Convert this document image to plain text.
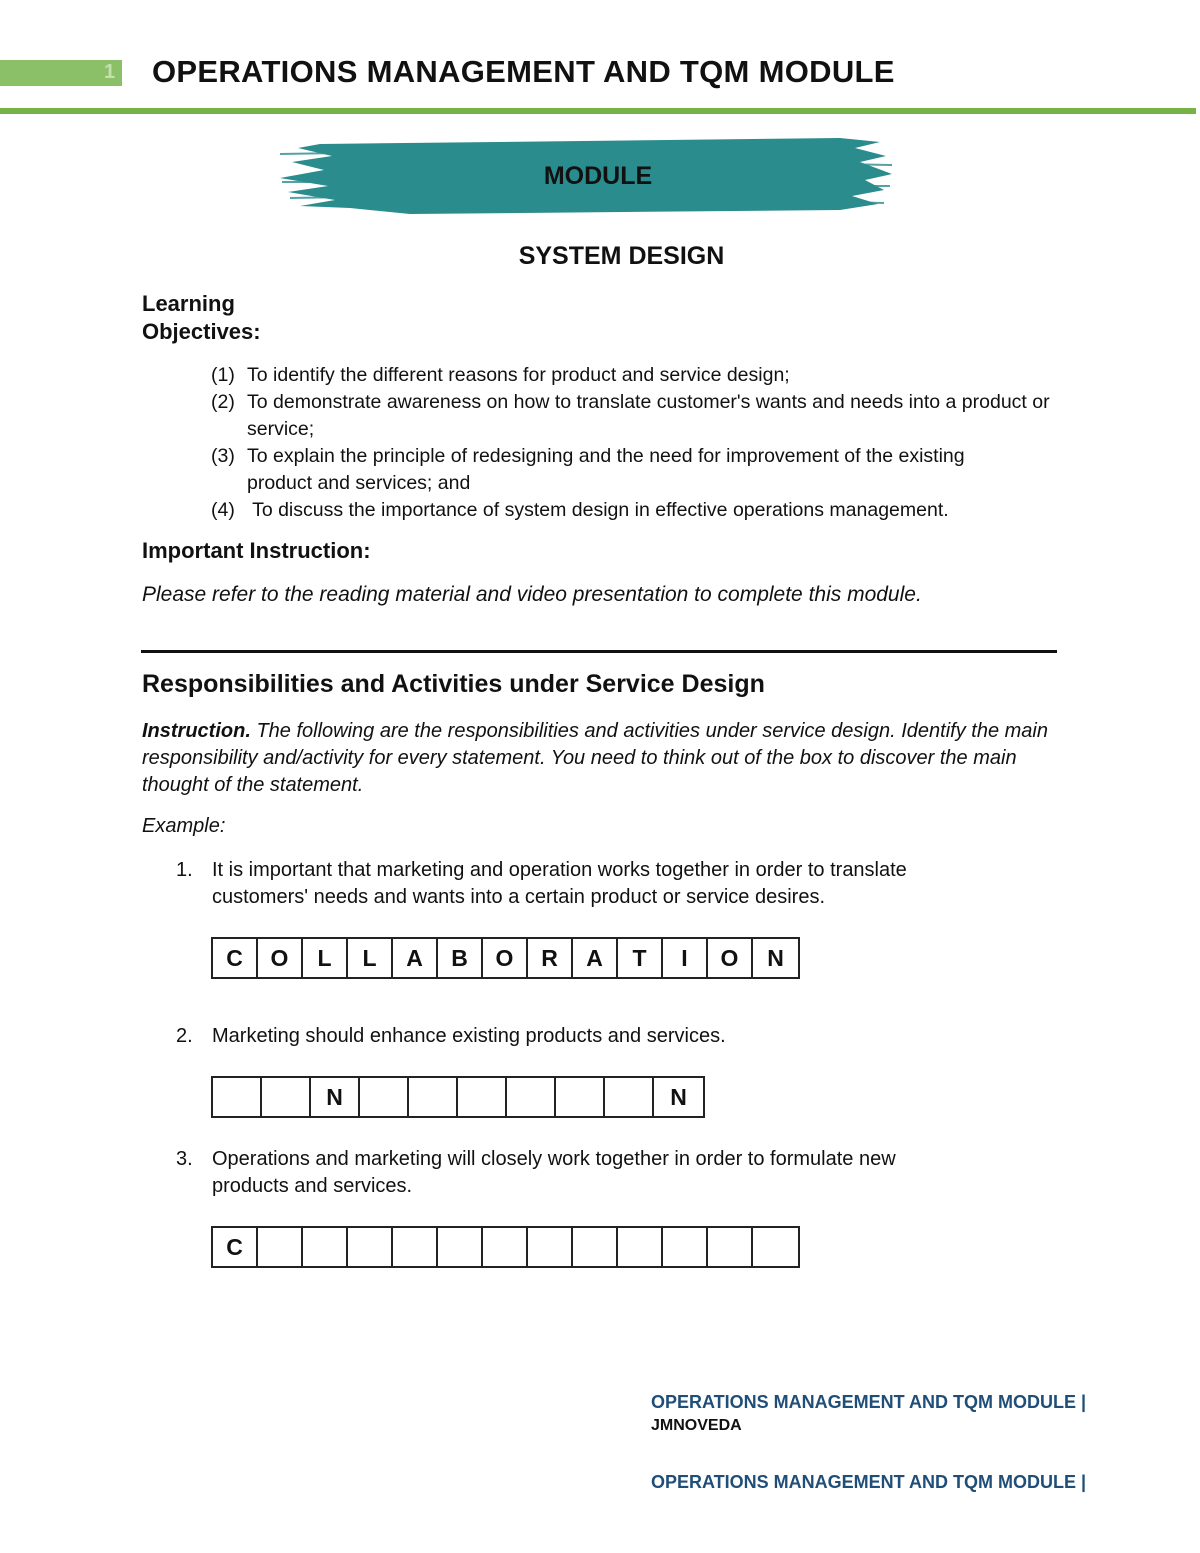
1 OPERATIONS MANAGEMENT AND TQM MODULE
MODULE
SYSTEM DESIGN
Learning Objectives:
(1) To identify the different reasons for product and service design;
(2) To demonstrate awareness on how to translate customer's wants and needs into a product or service;
(3) To explain the principle of redesigning and the need for improvement of the existing product and services; and
(4) To discuss the importance of system design in effective operations management.
Important Instruction:
Please refer to the reading material and video presentation to complete this module.
Responsibilities and Activities under Service Design
Instruction. The following are the responsibilities and activities under service design. Identify the main responsibility and/activity for every statement. You need to think out of the box to discover the main thought of the statement.
Example:
1. It is important that marketing and operation works together in order to translate customers' needs and wants into a certain product or service desires.
C	O	L	L	A	B	O	R	A	T	I	O	N
2. Marketing should enhance existing products and services.
N	N
3. Operations and marketing will closely work together in order to formulate new products and services.
C
OPERATIONS MANAGEMENT AND TQM MODULE |
JMNOVEDA
OPERATIONS MANAGEMENT AND TQM MODULE |
